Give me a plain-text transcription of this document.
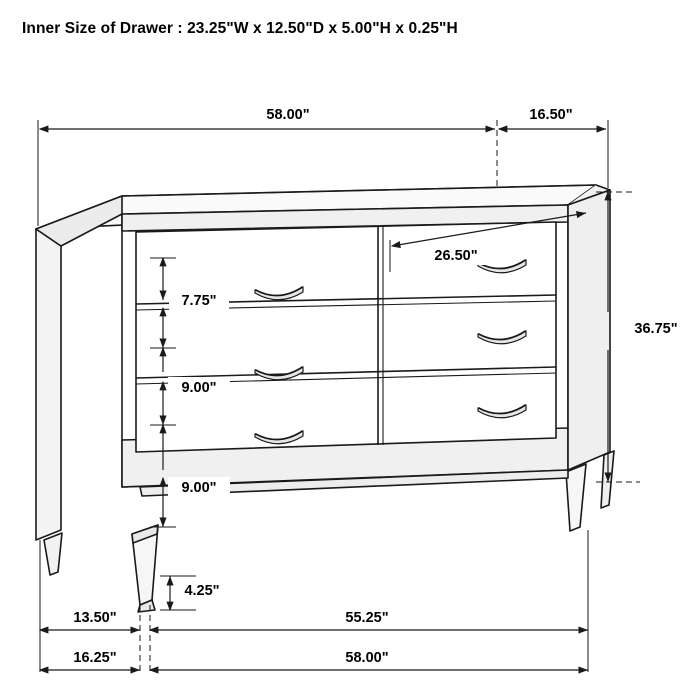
Inner Size of Drawer : 23.25"W x 12.50"D x 5.00"H x 0.25"H
58.00"	16.50"
26.50"
7.75"
9.00"
9.00"
36.75"
4.25"
13.50"	55.25"
16.25"	58.00"
